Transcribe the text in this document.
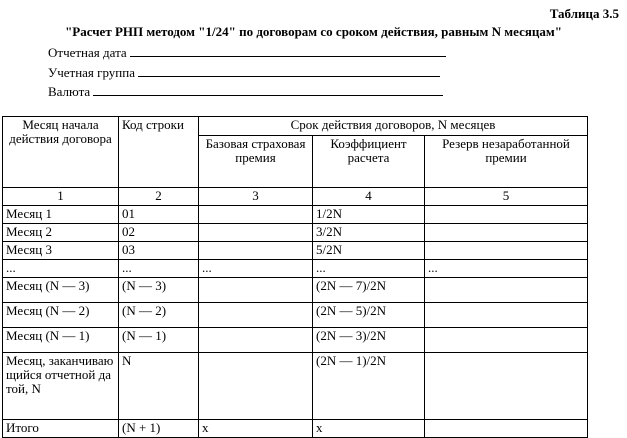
Таблица 3.5
"Расчет РНП методом "1/24" по договорам со сроком действия, равным N месяцам"
Отчетная дата
Учетная группа
Валюта
Месяц начала действия договора	Код строки	Срок действия договоров, N месяцев		
		Базовая страховая премия	Коэффициент расчета	Резерв незаработанной премии
1	2	3	4	5
Месяц 1	01		1/2N	
Месяц 2	02		3/2N	
Месяц 3	03		5/2N	
...	...	...	...	...
Месяц (N — 3)	(N — 3)		(2N — 7)/2N	
Месяц (N — 2)	(N — 2)		(2N — 5)/2N	
Месяц (N — 1)	(N — 1)		(2N — 3)/2N	
Месяц, заканчивающийся отчетной датой, N	N		(2N — 1)/2N	
Итого	(N + 1)	х	х	
